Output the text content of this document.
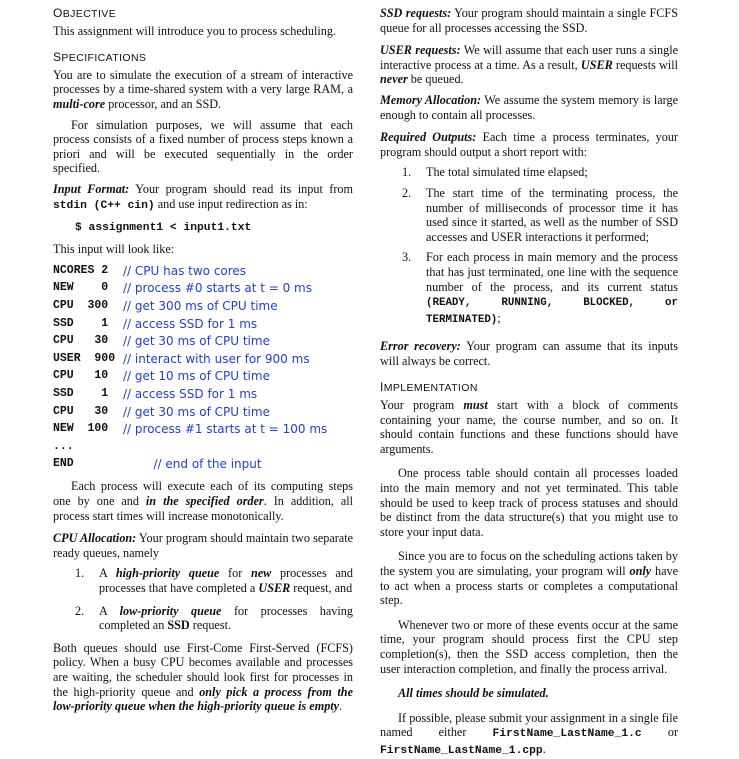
OBJECTIVE

This assignment will introduce you to process scheduling.

SPECIFICATIONS

You are to simulate the execution of a stream of interactive processes by a time-shared system with a very large RAM, a multi-core processor, and an SSD.

For simulation purposes, we will assume that each process consists of a fixed number of process steps known a priori and will be executed sequentially in the order specified.

Input Format: Your program should read its input from stdin (C++ cin) and use input redirection as in:

$ assignment1 < input1.txt

This input will look like:

NCORES 2	// CPU has two cores
NEW    0	// process #0 starts at t = 0 ms
CPU  300	// get 300 ms of CPU time
SSD    1	// access SSD for 1 ms
CPU   30	// get 30 ms of CPU time
USER  900 // interact with user for 900 ms
CPU   10	// get 10 ms of CPU time
SSD    1	// access SSD for 1 ms
CPU   30	// get 30 ms of CPU time
NEW  100	// process #1 starts at t = 100 ms
...
END	// end of the input

Each process will execute each of its computing steps one by one and in the specified order. In addition, all process start times will increase monotonically.

CPU Allocation: Your program should maintain two separate ready queues, namely

1. A high-priority queue for new processes and processes that have completed a USER request, and
2. A low-priority queue for processes having completed an SSD request.

Both queues should use First-Come First-Served (FCFS) policy. When a busy CPU becomes available and processes are waiting, the scheduler should look first for processes in the high-priority queue and only pick a process from the low-priority queue when the high-priority queue is empty.

SSD requests: Your program should maintain a single FCFS queue for all processes accessing the SSD.

USER requests: We will assume that each user runs a single interactive process at a time. As a result, USER requests will never be queued.

Memory Allocation: We assume the system memory is large enough to contain all processes.

Required Outputs: Each time a process terminates, your program should output a short report with:

1. The total simulated time elapsed;
2. The start time of the terminating process, the number of milliseconds of processor time it has used since it started, as well as the number of SSD accesses and USER interactions it performed;
3. For each process in main memory and the process that has just terminated, one line with the sequence number of the process, and its current status (READY, RUNNING, BLOCKED, or TERMINATED);

Error recovery: Your program can assume that its inputs will always be correct.

IMPLEMENTATION

Your program must start with a block of comments containing your name, the course number, and so on. It should contain functions and these functions should have arguments.

One process table should contain all processes loaded into the main memory and not yet terminated. This table should be used to keep track of process statuses and should be distinct from the data structure(s) that you might use to store your input data.

Since you are to focus on the scheduling actions taken by the system you are simulating, your program will only have to act when a process starts or completes a computational step.

Whenever two or more of these events occur at the same time, your program should process first the CPU step completion(s), then the SSD access completion, then the user interaction completion, and finally the process arrival.

All times should be simulated.

If possible, please submit your assignment in a single file named either FirstName_LastName_1.c or FirstName_LastName_1.cpp.
